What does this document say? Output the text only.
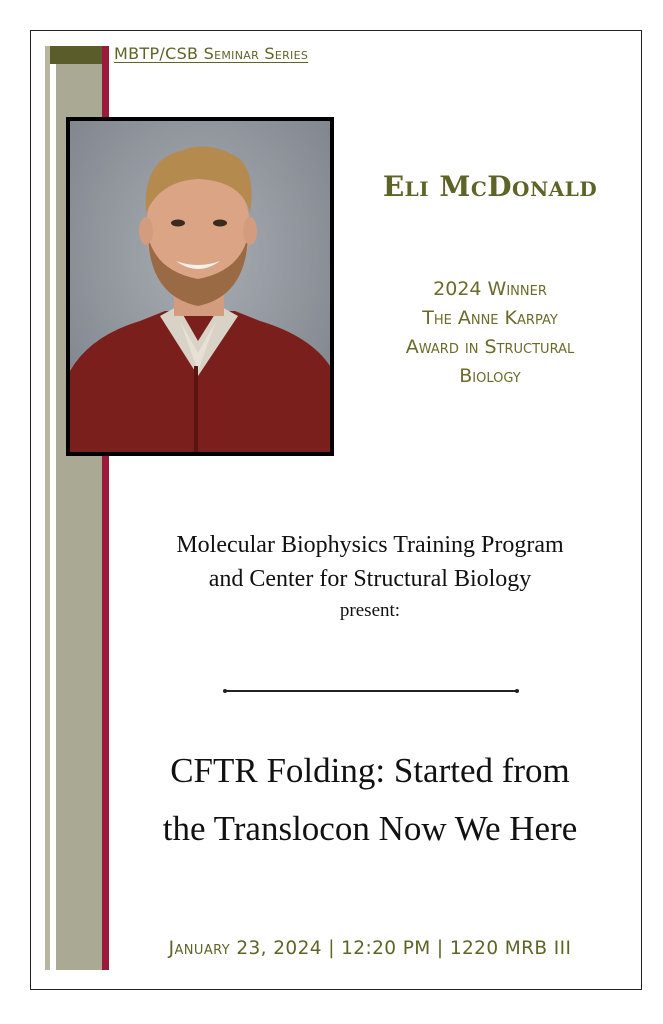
MBTP/CSB Seminar Series

Eli McDonald
2024 Winner
The Anne Karpay
Award in Structural
Biology
Molecular Biophysics Training Program
and Center for Structural Biology
present:
CFTR Folding: Started from
the Translocon Now We Here
January 23, 2024 | 12:20 PM | 1220 MRB III
